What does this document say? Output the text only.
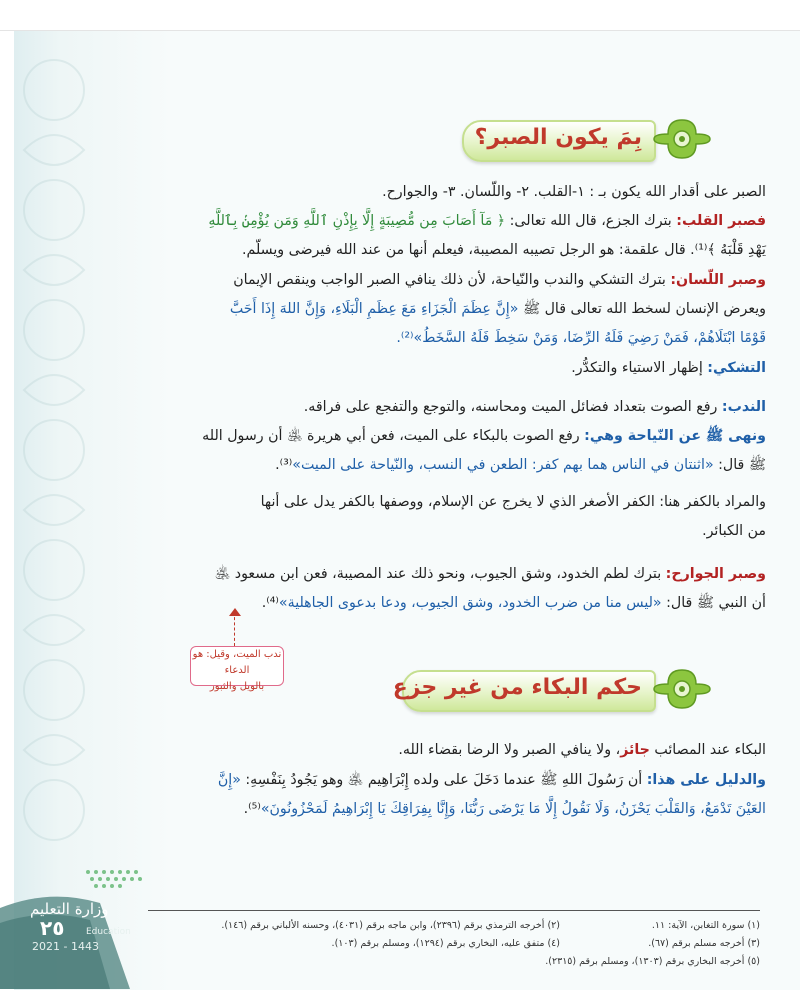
بِمَ يكون الصبر؟
الصبر على أقدار الله يكون بـ : ١-القلب. ٢- واللّسان. ٣- والجوارح.
فصبر القلب: بترك الجزع، قال الله تعالى: ﴿ مَآ أَصَابَ مِن مُّصِيبَةٍ إِلَّا بِإِذْنِ ٱللَّهِ وَمَن يُؤْمِنۢ بِٱللَّهِ
يَهْدِ قَلْبَهُ ﴾⁽¹⁾. قال علقمة: هو الرجل تصيبه المصيبة، فيعلم أنها من عند الله فيرضى ويسلّم.
وصبر اللّسان: بترك التشكي والندب والنّياحة، لأن ذلك ينافي الصبر الواجب وينقص الإيمان
ويعرض الإنسان لسخط الله تعالى قال ﷺ «إِنَّ عِظَمَ الْجَزَاءِ مَعَ عِظَمِ الْبَلَاءِ، وَإِنَّ اللهَ إِذَا أَحَبَّ
قَوْمًا ابْتَلَاهُمْ، فَمَنْ رَضِيَ فَلَهُ الرِّضَا، وَمَنْ سَخِطَ فَلَهُ السَّخَطُ»⁽²⁾.
التشكي: إظهار الاستياء والتكدُّر.
الندب: رفع الصوت بتعداد فضائل الميت ومحاسنه، والتوجع والتفجع على فراقه.
ونهى ﷺ عن النّياحة وهي: رفع الصوت بالبكاء على الميت، فعن أبي هريرة ﵁ أن رسول الله
ﷺ قال: «اثنتان في الناس هما بهم كفر: الطعن في النسب، والنّياحة على الميت»⁽³⁾.
والمراد بالكفر هنا: الكفر الأصغر الذي لا يخرج عن الإسلام، ووصفها بالكفر يدل على أنها
من الكبائر.
وصبر الجوارح: بترك لطم الخدود، وشق الجيوب، ونحو ذلك عند المصيبة، فعن ابن مسعود ﵁
أن النبي ﷺ قال: «ليس منا من ضرب الخدود، وشق الجيوب، ودعا بدعوى الجاهلية»⁽⁴⁾.
ندب الميت، وقيل: هو الدعاء
بالويل والثبور	حكم البكاء من غير جزع
البكاء عند المصائب جائز، ولا ينافي الصبر ولا الرضا بقضاء الله.
والدليل على هذا: أن رَسُولَ اللهِ ﷺ عندما دَخَلَ على ولده إِبْرَاهِيم ﵁ وهو يَجُودُ بِنَفْسِهِ: «إِنَّ
العَيْنَ تَدْمَعُ، وَالقَلْبَ يَحْزَنُ، وَلَا نَقُولُ إِلَّا مَا يَرْضَى رَبُّنَا، وَإِنَّا بِفِرَاقِكَ يَا إِبْرَاهِيمُ لَمَحْزُونُونَ»⁽⁵⁾.
(١) سورة التغابن، الآية: ١١.
(٢) أخرجه الترمذي برقم (٢٣٩٦)، وابن ماجه برقم (٤٠٣١)، وحسنه الألباني برقم (١٤٦).
(٣) أخرجه مسلم برقم (٦٧).
(٤) متفق عليه، البخاري برقم (١٢٩٤)، ومسلم برقم (١٠٣).
(٥) أخرجه البخاري برقم (١٣٠٣)، ومسلم برقم (٢٣١٥).
وزارة التعليم
٢٥ Education
2021 - 1443
